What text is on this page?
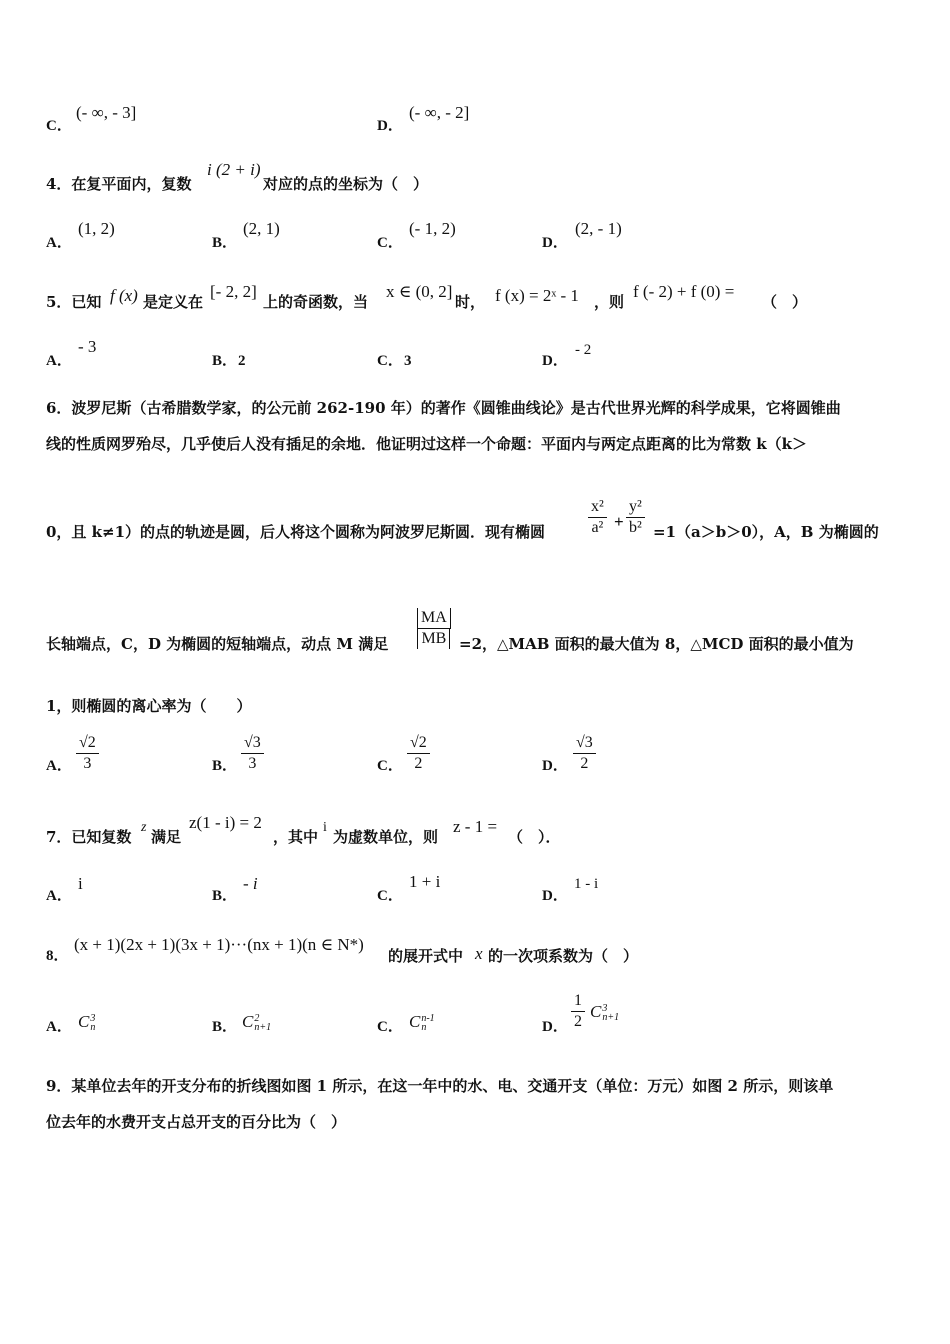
C．
(- ∞, - 3]
D．
(- ∞, - 2]
4．在复平面内，复数
i (2 + i)
对应的点的坐标为（　）
A．
(1, 2)
B．
(2, 1)
C．
(- 1, 2)
D．
(2, - 1)
5．已知 f (x) 是定义在
[- 2, 2]
上的奇函数，当
x ∈ (0, 2]
时， f (x) = 2ˣ - 1 ，则
f (- 2) + f (0) =
（　）
A．
- 3
B． 2	C． 3	D．
- 2
6．波罗尼斯（古希腊数学家，的公元前 262-190 年）的著作《圆锥曲线论》是古代世界光辉的科学成果，它将圆锥曲
线的性质网罗殆尽，几乎使后人没有插足的余地．他证明过这样一个命题：平面内与两定点距离的比为常数 k（k＞
0，且 k≠1）的点的轨迹是圆，后人将这个圆称为阿波罗尼斯圆．现有椭圆
x²
a² +
y²
b² =1（a＞b＞0），A，B 为椭圆的
长轴端点，C，D 为椭圆的短轴端点，动点 M 满足
MA
MB =2，△MAB 面积的最大值为 8，△MCD 面积的最小值为
1，则椭圆的离心率为（　　）
A．
√2
3	B．
√3
3	C．
√2
2	D．
√3
2
7．已知复数
z
满足
z(1 - i) = 2
，其中
i
为虚数单位，则
z - 1 =
（　）．
A．
i
B．
- i
C．
1 + i
D．
1 - i
8．
(x + 1)(2x + 1)(3x + 1)···(nx + 1)(n ∈ N*)
的展开式中 x 的一次项系数为（　）
A． C 3
n	B． C 2
n+1	C． C n-1
n	D．
1
2
C 3
n+1
9．某单位去年的开支分布的折线图如图 1 所示，在这一年中的水、电、交通开支（单位：万元）如图 2 所示，则该单
位去年的水费开支占总开支的百分比为（　）
